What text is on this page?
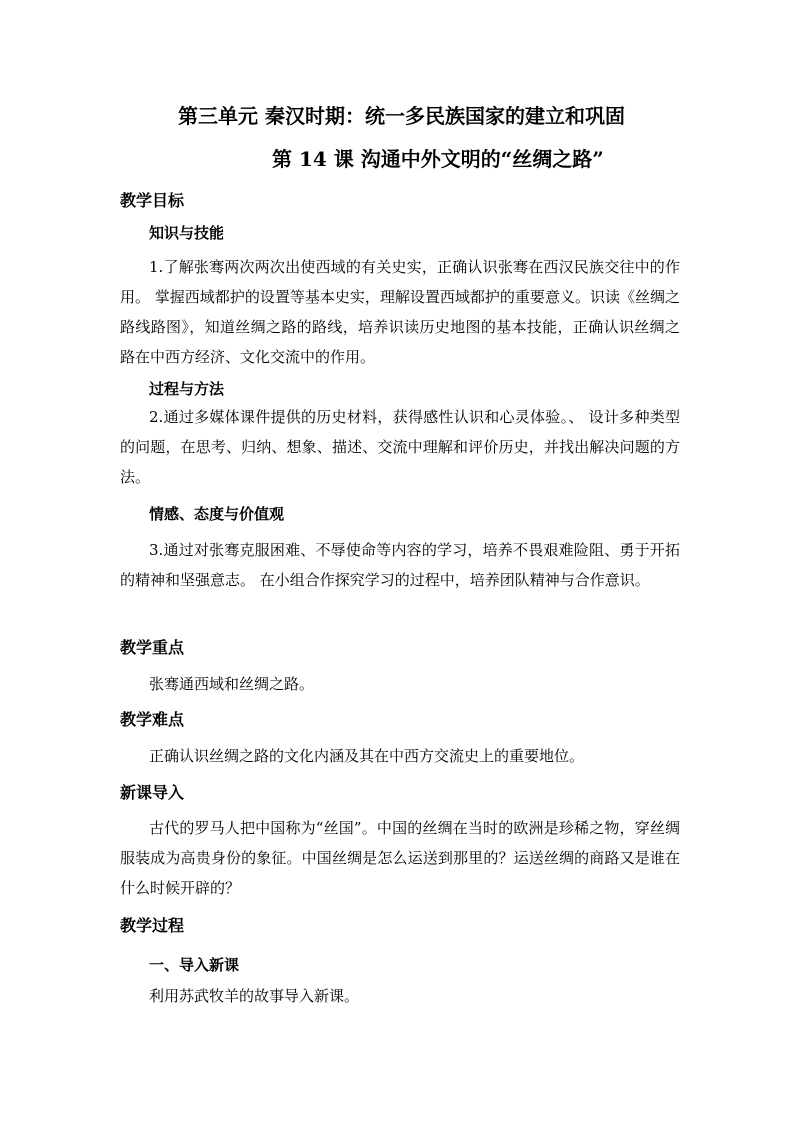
第三单元 秦汉时期：统一多民族国家的建立和巩固
第 14 课 沟通中外文明的“丝绸之路”
教学目标
知识与技能

1.了解张骞两次两次出使西域的有关史实，正确认识张骞在西汉民族交往中的作用。 掌握西域都护的设置等基本史实，理解设置西域都护的重要意义。识读《丝绸之路线路图》，知道丝绸之路的路线，培养识读历史地图的基本技能，正确认识丝绸之路在中西方经济、文化交流中的作用。

过程与方法

2.通过多媒体课件提供的历史材料，获得感性认识和心灵体验。、 设计多种类型的问题，在思考、归纳、想象、描述、交流中理解和评价历史，并找出解决问题的方法。

情感、态度与价值观

3.通过对张骞克服困难、不辱使命等内容的学习，培养不畏艰难险阻、勇于开拓的精神和坚强意志。 在小组合作探究学习的过程中，培养团队精神与合作意识。

教学重点
张骞通西域和丝绸之路。
教学难点
正确认识丝绸之路的文化内涵及其在中西方交流史上的重要地位。
新课导入

古代的罗马人把中国称为“丝国”。中国的丝绸在当时的欧洲是珍稀之物，穿丝绸服装成为高贵身份的象征。中国丝绸是怎么运送到那里的？运送丝绸的商路又是谁在什么时候开辟的？

教学过程
一、导入新课
利用苏武牧羊的故事导入新课。
